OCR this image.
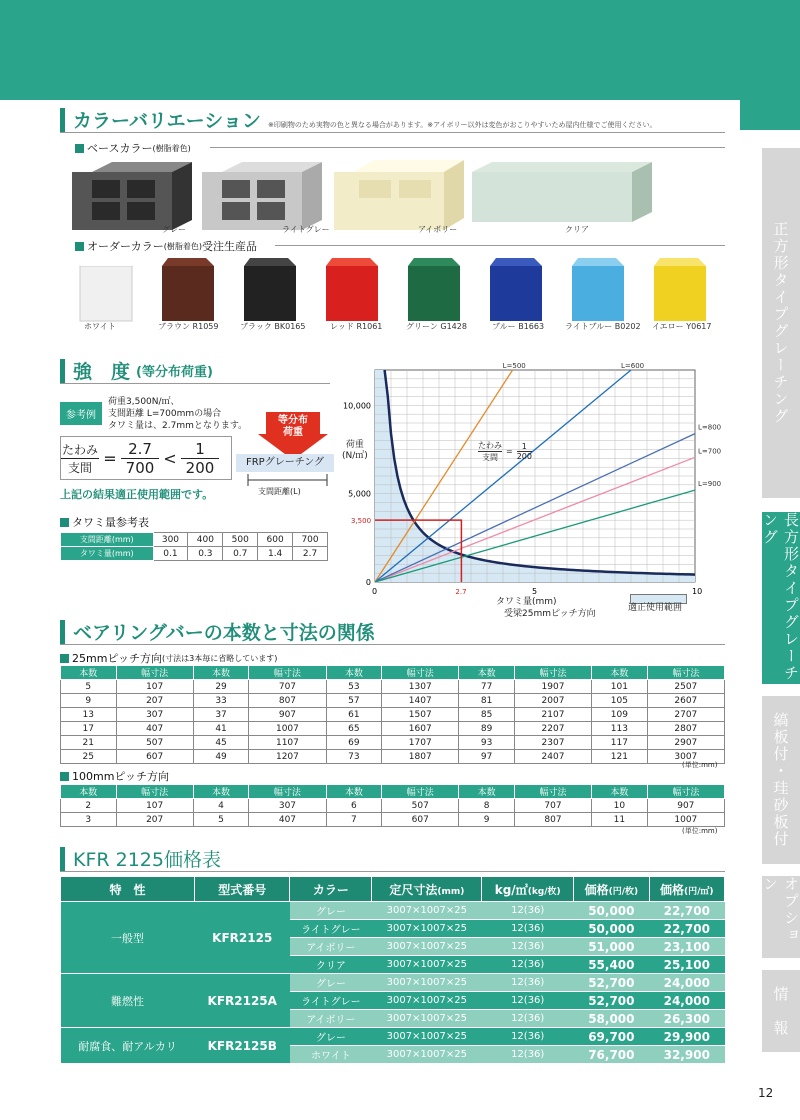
カラーバリエーション ※印刷物のため実物の色と異なる場合があります。※アイボリー以外は変色がおこりやすいため屋内仕様でご使用ください。
ベースカラー (樹脂着色)
グレー	ライトグレー	アイボリー	クリア
オーダーカラー (樹脂着色) 受注生産品
ホワイト	ブラウン R1059	ブラック BK0165	レッド R1061	グリーン G1428	ブルー B1663	ライトブルー B0202 イエロー Y0617
強　度 (等分布荷重)
参考例
荷重3,500N/㎡、
支間距離 L=700mmの場合
タワミ量は、2.7mmとなります。
たわみ
支間 = $\frac{2.7}{700}$ <	1
200
等分布
荷重
FRPグレーチング
支間距離(L)
上記の結果適正使用範囲です。
タワミ量参考表
支間距離(mm)	300	400	500	600	700
タワミ量(mm)	0.1	0.3	0.7	1.4	2.7
L=500	L=600
L=700
L=800
L=900
2.7
3,500
0	5	10
0
5,000
10,000
荷重
(N/㎡)
タワミ量(mm)
受梁25mmピッチ方向
適正使用範囲
たわみ
支間
= $\frac{1}{200}$
ベアリングバーの本数と寸法の関係
25mmピッチ方向 (寸法は3本毎に省略しています)
本数	幅寸法	本数	幅寸法	本数	幅寸法	本数	幅寸法	本数	幅寸法
5	107	29	707	53	1307	77	1907	101	2507
9	207	33	807	57	1407	81	2007	105	2607
13	307	37	907	61	1507	85	2107	109	2707
17	407	41	1007	65	1607	89	2207	113	2807
21	507	45	1107	69	1707	93	2307	117	2907
25	607	49	1207	73	1807	97	2407	121	3007
(単位:mm)
100mmピッチ方向
本数	幅寸法	本数	幅寸法	本数	幅寸法	本数	幅寸法	本数	幅寸法
2	107	4	307	6	507	8	707	10	907
3	207	5	407	7	607	9	807	11	1007
(単位:mm)
KFR 2125価格表
特　性	型式番号	カラー	定尺寸法(mm)	kg/㎡(kg/枚)	価格(円/枚)	価格(円/㎡)
一般型	KFR2125	グレー	3007×1007×25	12(36)	50,000	22,700
		ライトグレー	3007×1007×25	12(36)	50,000	22,700
		アイボリー	3007×1007×25	12(36)	51,000	23,100
		クリア	3007×1007×25	12(36)	55,400	25,100
難燃性	KFR2125A	グレー	3007×1007×25	12(36)	52,700	24,000
		ライトグレー	3007×1007×25	12(36)	52,700	24,000
		アイボリー	3007×1007×25	12(36)	58,000	26,300
耐腐食、耐アルカリ	KFR2125B	グレー	3007×1007×25	12(36)	69,700	29,900
		ホワイト	3007×1007×25	12(36)	76,700	32,900
正方形タイプグレーチング
長方形タイプグレーチング
縞板付・珪砂板付
オプション
情　報
12
